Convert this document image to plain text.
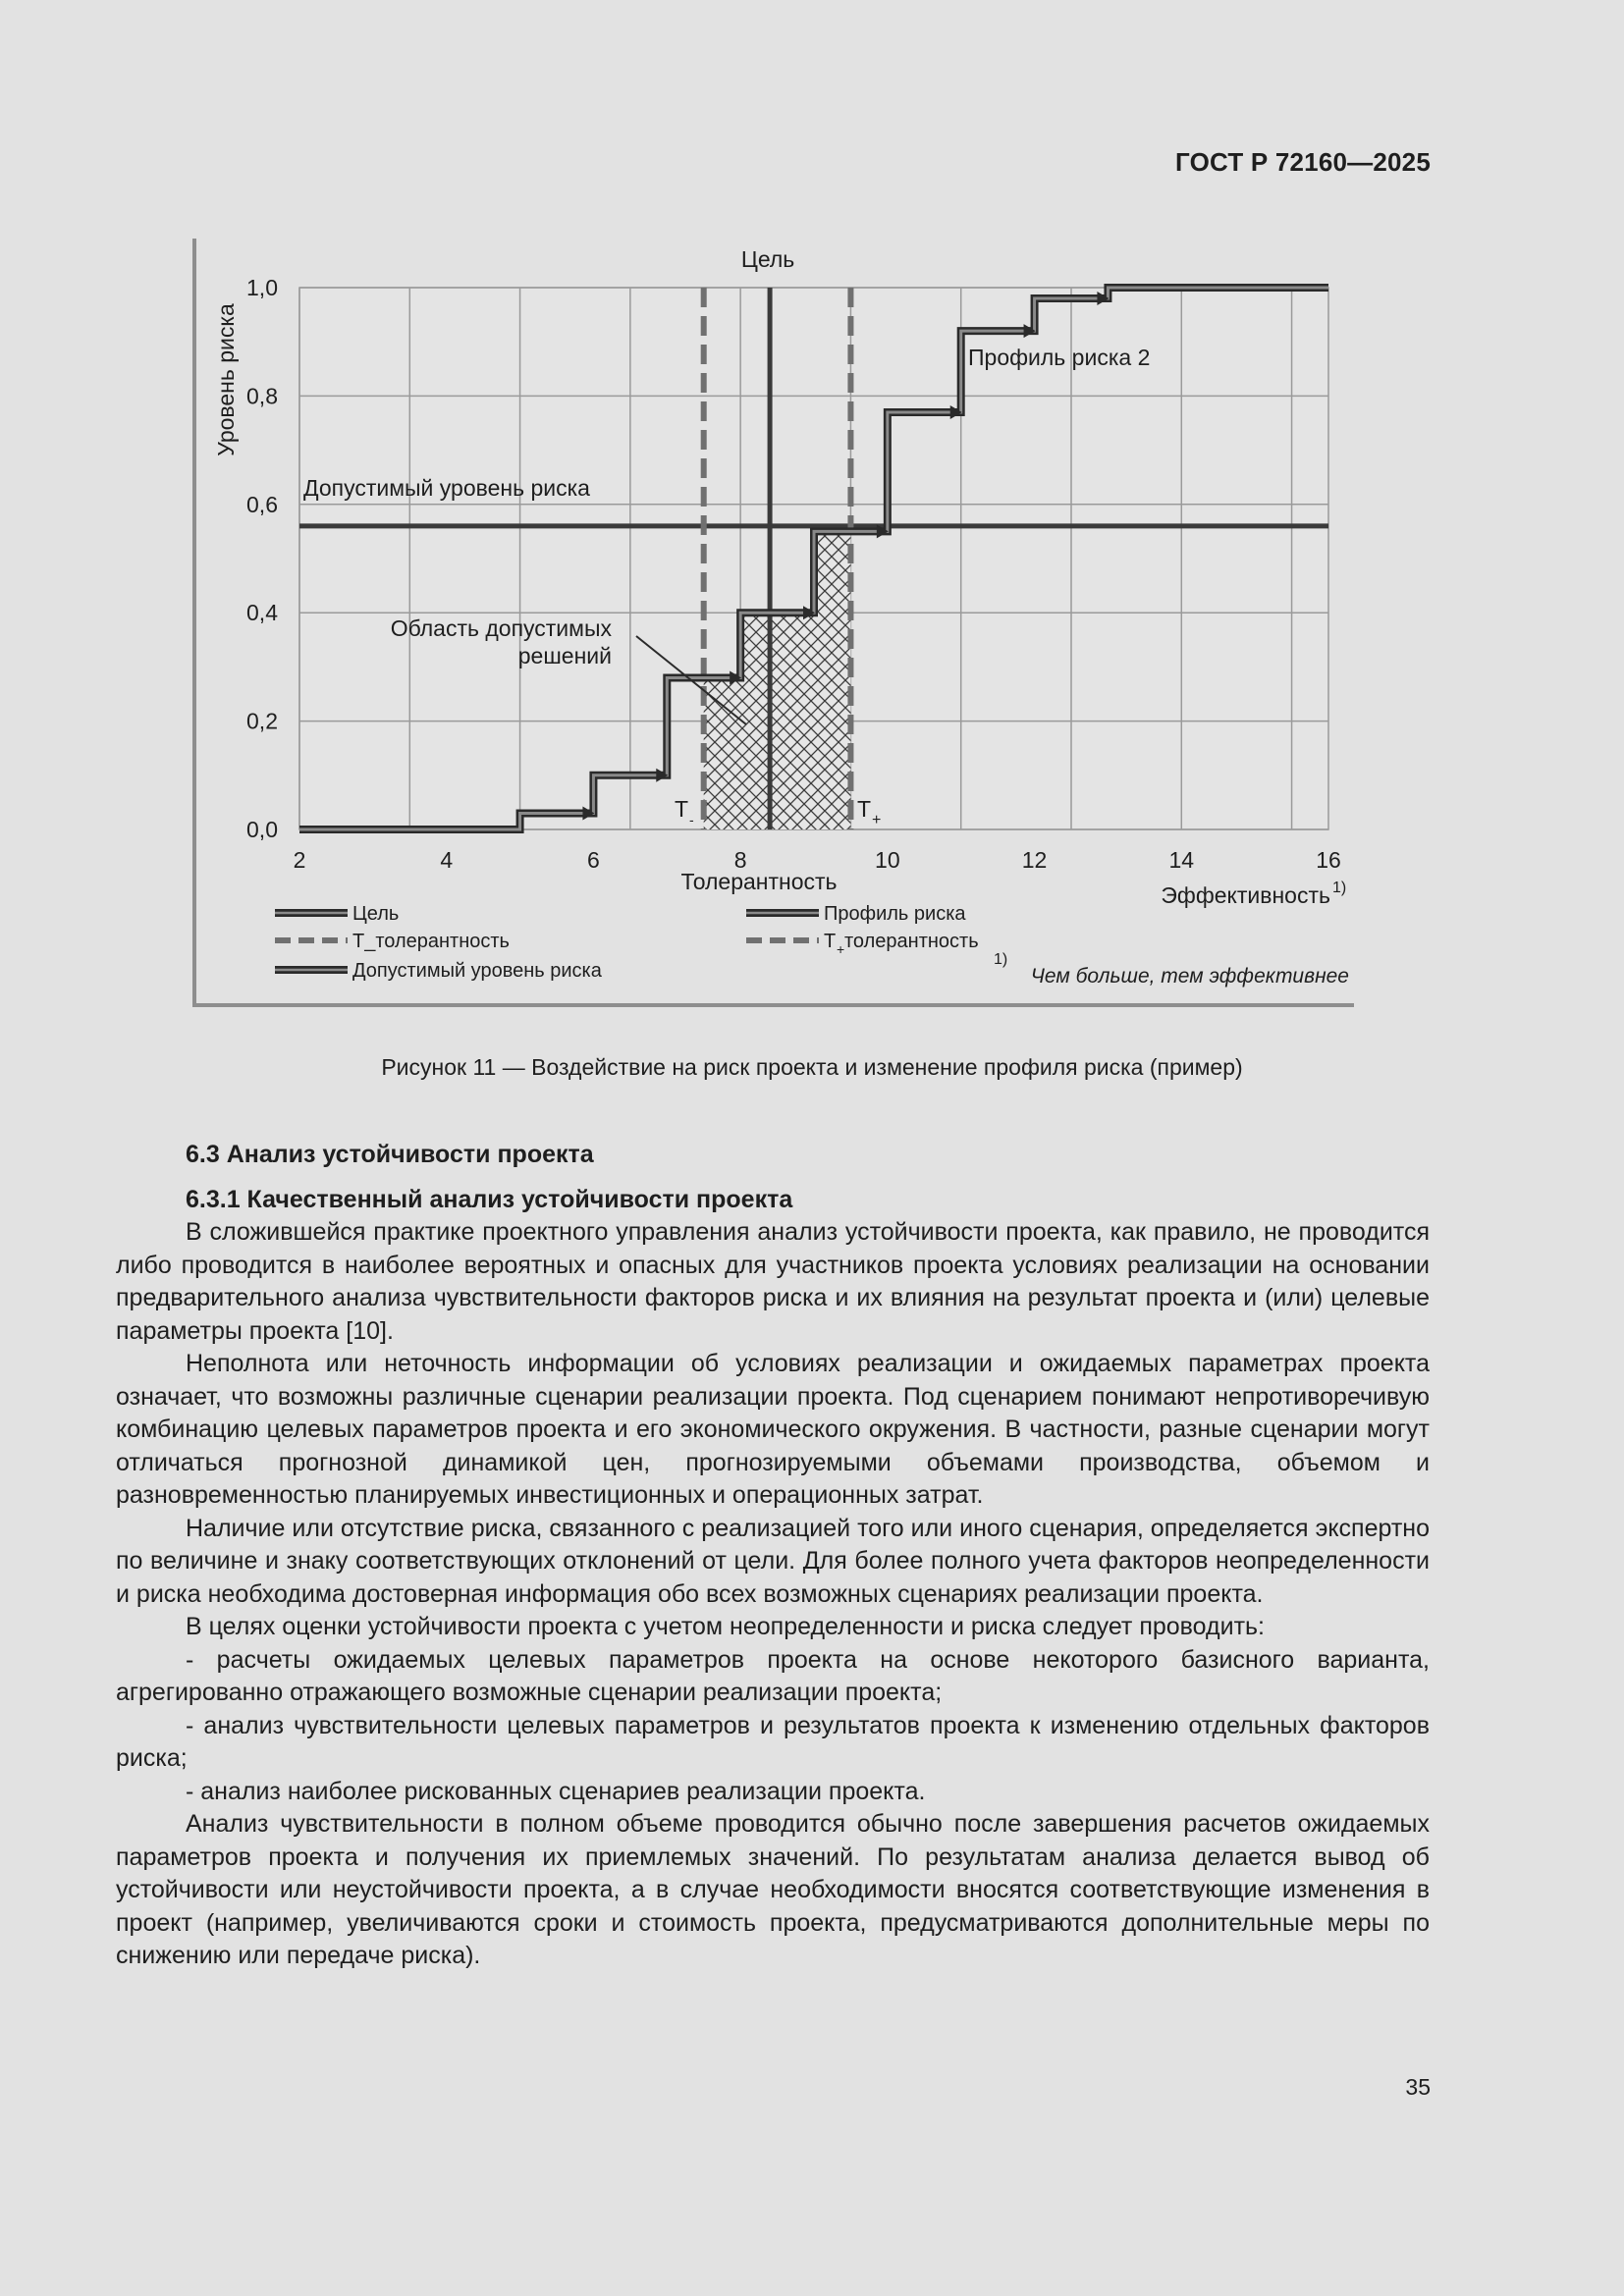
ГОСТ Р 72160—2025
2	4	6	8	10	12	14	16
0,0
0,2
0,4
0,6
0,8
1,0
Уровень риска
Эффективность 1)
Цель
Допустимый уровень риска
Область допустимых
решений
Профиль риска 2
T -	T +
Толерантность
Цель	Профиль риска
T_толерантность	T + толерантность
Допустимый уровень риска
1)
Чем больше, тем эффективнее
Рисунок 11 — Воздействие на риск проекта и изменение профиля риска (пример)
6.3 Анализ устойчивости проекта
6.3.1 Качественный анализ устойчивости проекта

В сложившейся практике проектного управления анализ устойчивости проекта, как правило, не проводится либо проводится в наиболее вероятных и опасных для участников проекта условиях реализации на основании предварительного анализа чувствительности факторов риска и их влияния на результат проекта и (или) целевые параметры проекта [10].

Неполнота или неточность информации об условиях реализации и ожидаемых параметрах проекта означает, что возможны различные сценарии реализации проекта. Под сценарием понимают непротиворечивую комбинацию целевых параметров проекта и его экономического окружения. В частности, разные сценарии могут отличаться прогнозной динамикой цен, прогнозируемыми объемами производства, объемом и разновременностью планируемых инвестиционных и операционных затрат.

Наличие или отсутствие риска, связанного с реализацией того или иного сценария, определяется экспертно по величине и знаку соответствующих отклонений от цели. Для более полного учета факторов неопределенности и риска необходима достоверная информация обо всех возможных сценариях реализации проекта.

В целях оценки устойчивости проекта с учетом неопределенности и риска следует проводить:

- расчеты ожидаемых целевых параметров проекта на основе некоторого базисного варианта, агрегированно отражающего возможные сценарии реализации проекта;

- анализ чувствительности целевых параметров и результатов проекта к изменению отдельных факторов риска;

- анализ наиболее рискованных сценариев реализации проекта.

Анализ чувствительности в полном объеме проводится обычно после завершения расчетов ожидаемых параметров проекта и получения их приемлемых значений. По результатам анализа делается вывод об устойчивости или неустойчивости проекта, а в случае необходимости вносятся соответствующие изменения в проект (например, увеличиваются сроки и стоимость проекта, предусматриваются дополнительные меры по снижению или передаче риска).

35
